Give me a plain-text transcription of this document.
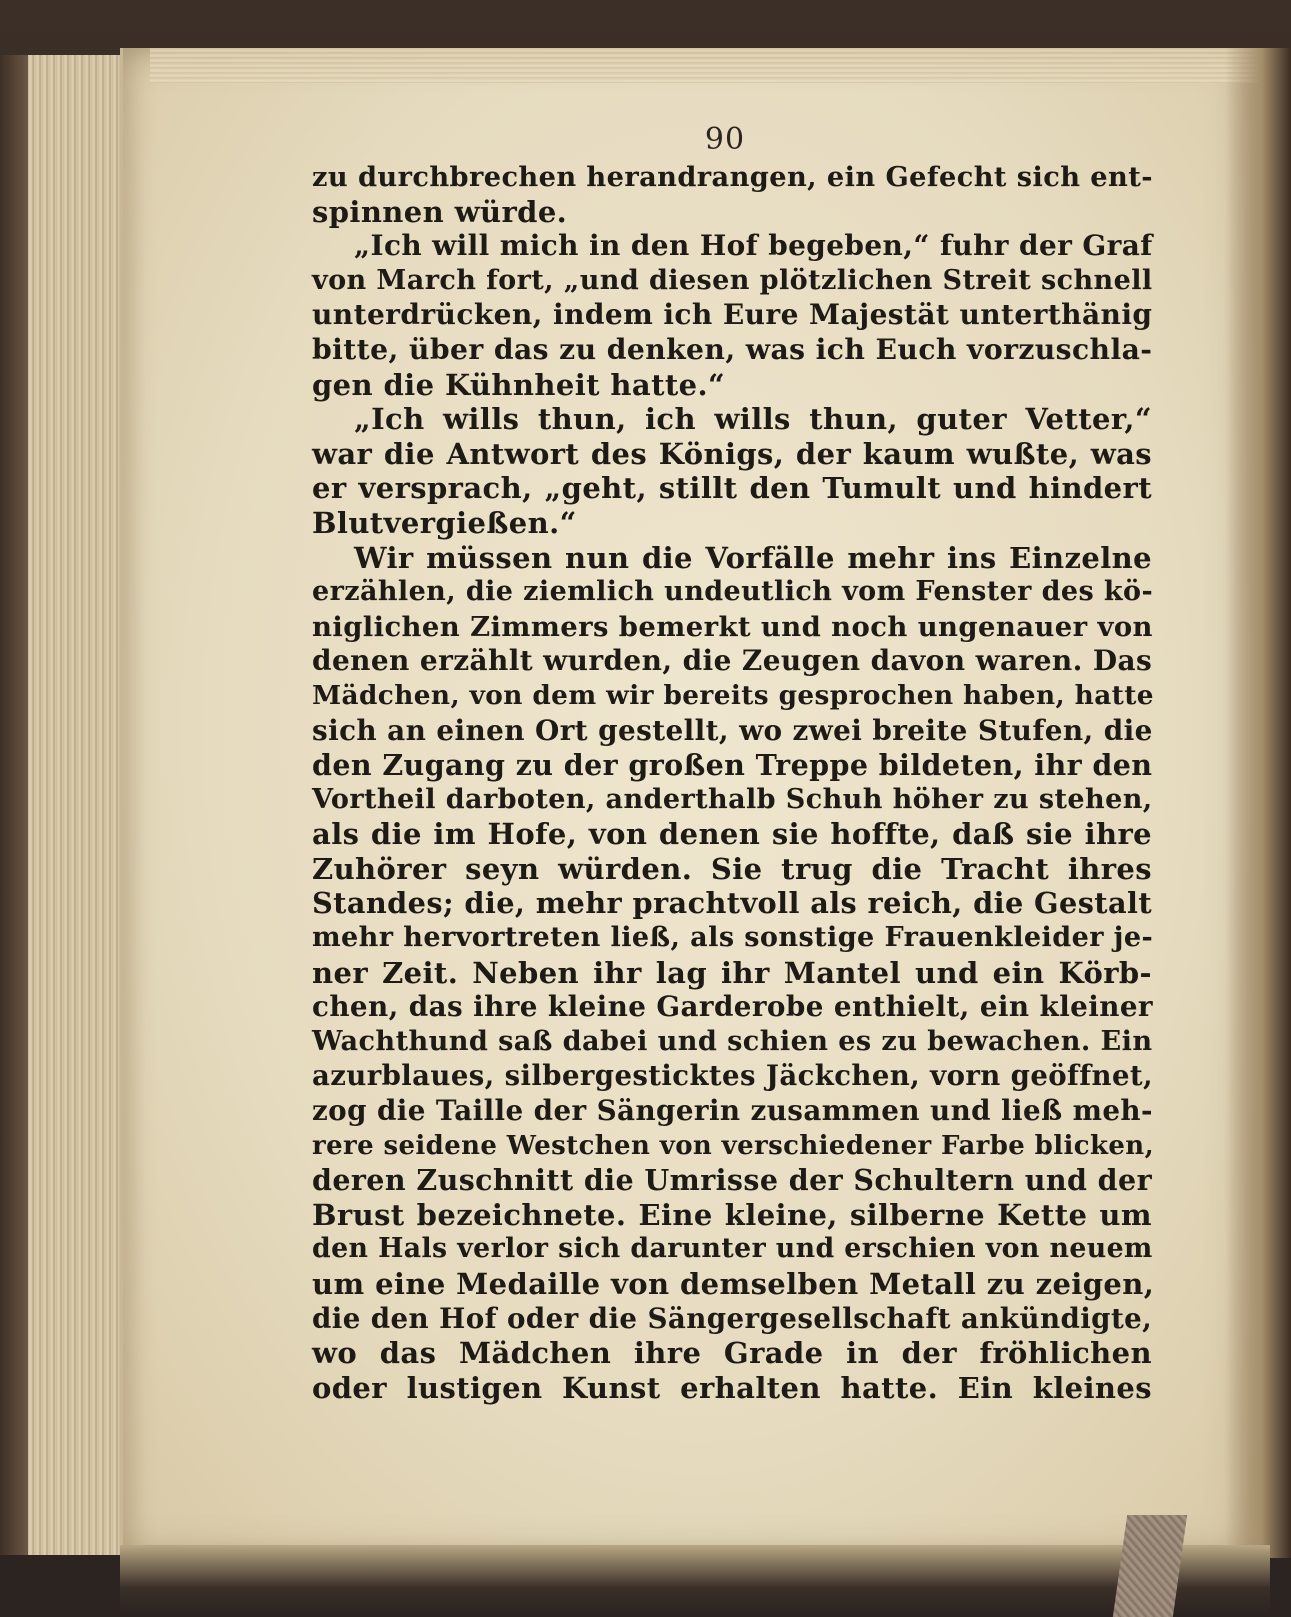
90
zu durchbrechen herandrangen, ein Gefecht sich ent-
spinnen würde.
„Ich will mich in den Hof begeben,“ fuhr der Graf
von March fort, „und diesen plötzlichen Streit schnell
unterdrücken, indem ich Eure Majestät unterthänig
bitte, über das zu denken, was ich Euch vorzuschla-
gen die Kühnheit hatte.“
„Ich wills thun, ich wills thun, guter Vetter,“
war die Antwort des Königs, der kaum wußte, was
er versprach, „geht, stillt den Tumult und hindert
Blutvergießen.“
Wir müssen nun die Vorfälle mehr ins Einzelne
erzählen, die ziemlich undeutlich vom Fenster des kö-
niglichen Zimmers bemerkt und noch ungenauer von
denen erzählt wurden, die Zeugen davon waren. Das
Mädchen, von dem wir bereits gesprochen haben, hatte
sich an einen Ort gestellt, wo zwei breite Stufen, die
den Zugang zu der großen Treppe bildeten, ihr den
Vortheil darboten, anderthalb Schuh höher zu stehen,
als die im Hofe, von denen sie hoffte, daß sie ihre
Zuhörer seyn würden. Sie trug die Tracht ihres
Standes; die, mehr prachtvoll als reich, die Gestalt
mehr hervortreten ließ, als sonstige Frauenkleider je-
ner Zeit. Neben ihr lag ihr Mantel und ein Körb-
chen, das ihre kleine Garderobe enthielt, ein kleiner
Wachthund saß dabei und schien es zu bewachen. Ein
azurblaues, silbergesticktes Jäckchen, vorn geöffnet,
zog die Taille der Sängerin zusammen und ließ meh-
rere seidene Westchen von verschiedener Farbe blicken,
deren Zuschnitt die Umrisse der Schultern und der
Brust bezeichnete. Eine kleine, silberne Kette um
den Hals verlor sich darunter und erschien von neuem
um eine Medaille von demselben Metall zu zeigen,
die den Hof oder die Sängergesellschaft ankündigte,
wo das Mädchen ihre Grade in der fröhlichen
oder lustigen Kunst erhalten hatte. Ein kleines
